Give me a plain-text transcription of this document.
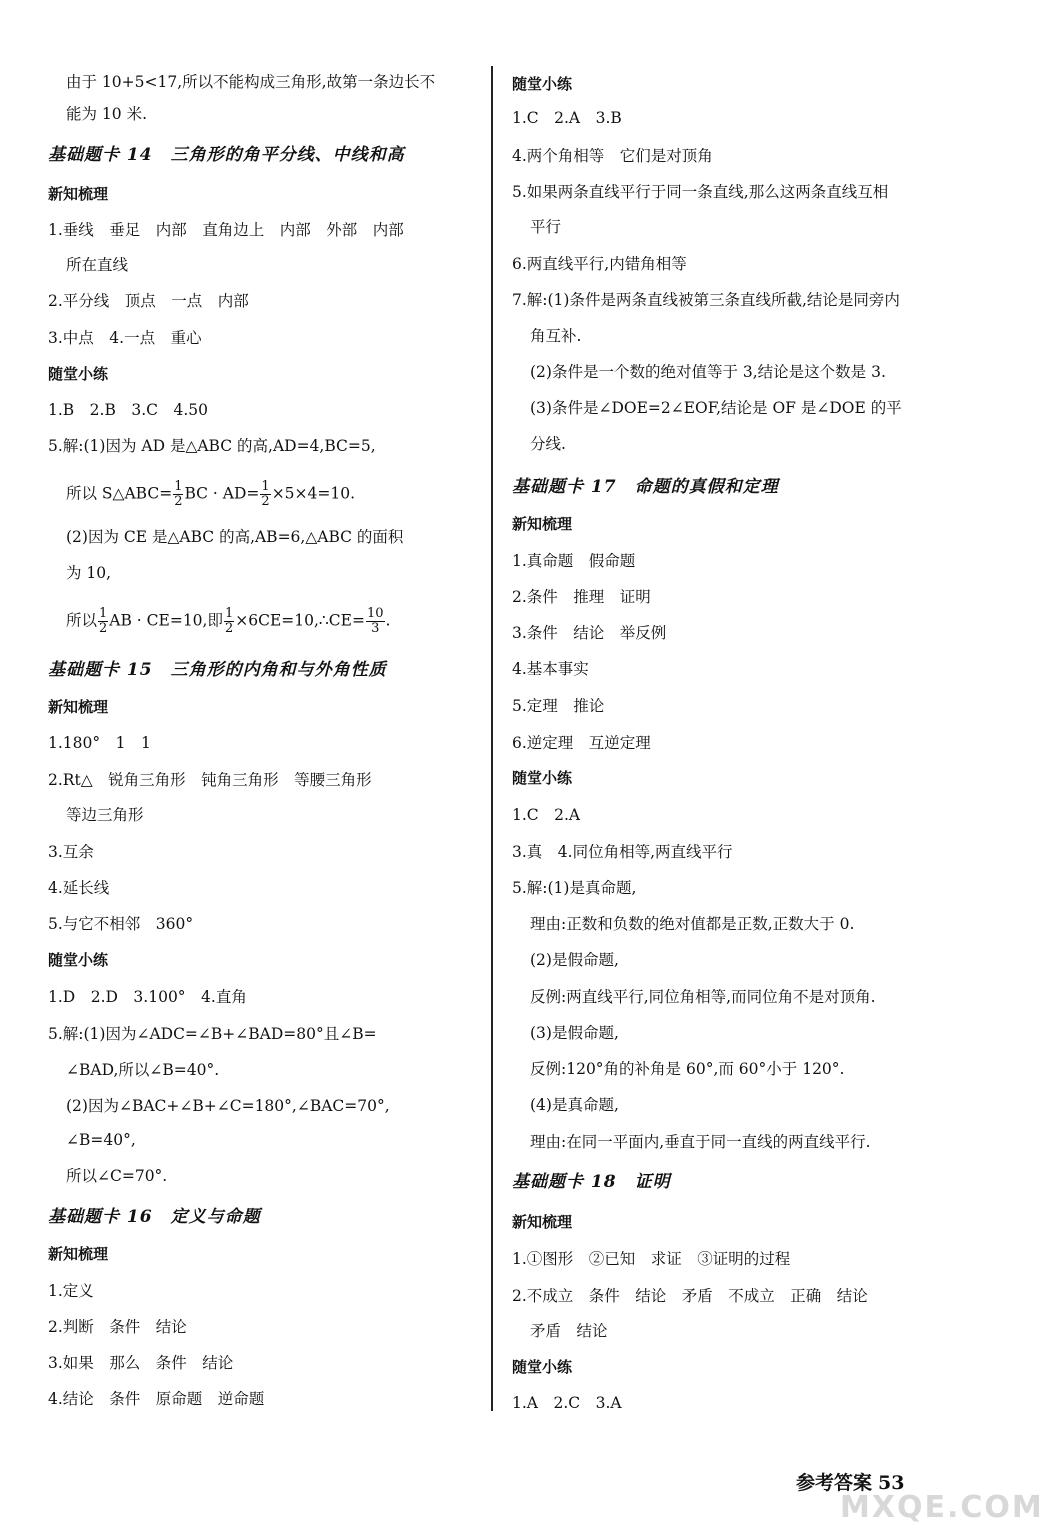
由于 10+5<17,所以不能构成三角形,故第一条边长不
能为 10 米.
基础题卡 14　三角形的角平分线、中线和高
新知梳理
1.垂线　垂足　内部　直角边上　内部　外部　内部
所在直线
2.平分线　顶点　一点　内部
3.中点　4.一点　重心
随堂小练
1.B　2.B　3.C　4.50
5.解:(1)因为 AD 是△ABC 的高,AD=4,BC=5,
所以 S△ABC= $\frac{1}{2}$ BC · $AD= \frac{1}{2} \times 5\times 4=10$.
(2)因为 CE 是△ABC 的高,AB=6,△ABC 的面积
为 10,
所以 $\frac{1}{2}$ AB · CE=10,即 $\frac{1}{2}$ ×6CE=10,∴CE= $\frac{10}{3}$ .
基础题卡 15　三角形的内角和与外角性质
新知梳理
1.180°　1　1
2.Rt△　锐角三角形　钝角三角形　等腰三角形
等边三角形
3.互余
4.延长线
5.与它不相邻　360°
随堂小练
1.D　2.D　3.100°　4.直角
5.解:(1)因为∠ADC=∠B+∠BAD=80°且∠B=
∠BAD,所以∠B=40°.
(2)因为∠BAC+∠B+∠C=180°,∠BAC=70°,
∠B=40°,
所以∠C=70°.
基础题卡 16　定义与命题
新知梳理
1.定义
2.判断　条件　结论
3.如果　那么　条件　结论
4.结论　条件　原命题　逆命题
随堂小练
1.C　2.A　3.B
4.两个角相等　它们是对顶角
5.如果两条直线平行于同一条直线,那么这两条直线互相
平行
6.两直线平行,内错角相等
7.解:(1)条件是两条直线被第三条直线所截,结论是同旁内
角互补.
(2)条件是一个数的绝对值等于 3,结论是这个数是 3.
(3)条件是∠DOE=2∠EOF,结论是 OF 是∠DOE 的平
分线.
基础题卡 17　命题的真假和定理
新知梳理
1.真命题　假命题
2.条件　推理　证明
3.条件　结论　举反例
4.基本事实
5.定理　推论
6.逆定理　互逆定理
随堂小练
1.C　2.A
3.真　4.同位角相等,两直线平行
5.解:(1)是真命题,
理由:正数和负数的绝对值都是正数,正数大于 0.
(2)是假命题,
反例:两直线平行,同位角相等,而同位角不是对顶角.
(3)是假命题,
反例:120°角的补角是 60°,而 60°小于 120°.
(4)是真命题,
理由:在同一平面内,垂直于同一直线的两直线平行.
基础题卡 18　证明
新知梳理
1.①图形　②已知　求证　③证明的过程
2.不成立　条件　结论　矛盾　不成立　正确　结论
矛盾　结论
随堂小练
1.A　2.C　3.A
参考答案 53
MXQE.COM
